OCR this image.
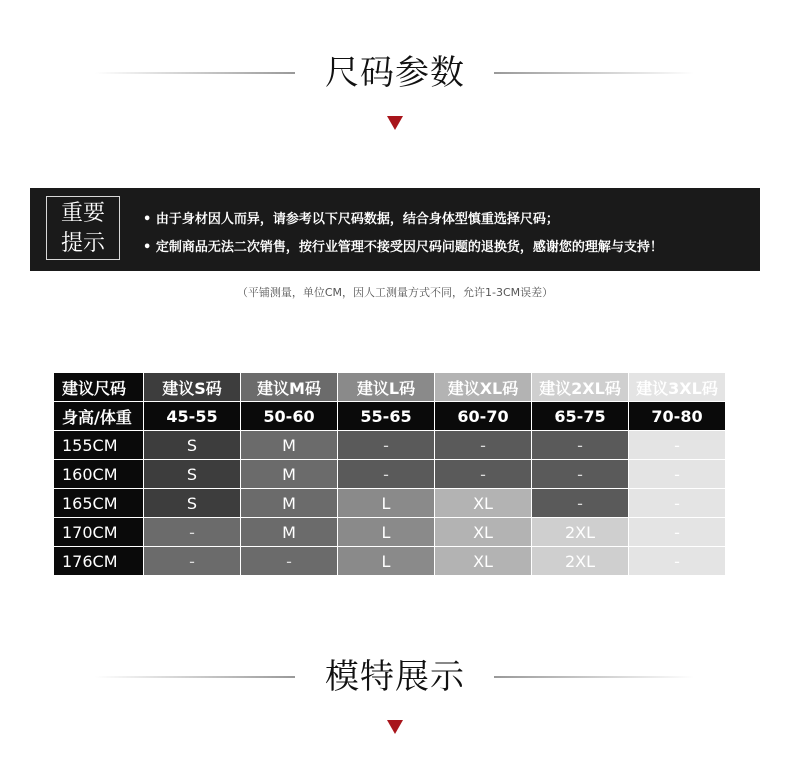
尺码参数
重要
提示
• 由于身材因人而异，请参考以下尺码数据，结合身体型慎重选择尺码；
• 定制商品无法二次销售，按行业管理不接受因尺码问题的退换货，感谢您的理解与支持！
（平铺测量，单位CM，因人工测量方式不同，允许1-3CM误差）
建议尺码	建议S码	建议M码	建议L码	建议XL码	建议2XL码	建议3XL码
身高/体重	45-55	50-60	55-65	60-70	65-75	70-80
155CM	S	M	-	-	-	-
160CM	S	M	-	-	-	-
165CM	S	M	L	XL	-	-
170CM	-	M	L	XL	2XL	-
176CM	-	-	L	XL	2XL	-
模特展示
